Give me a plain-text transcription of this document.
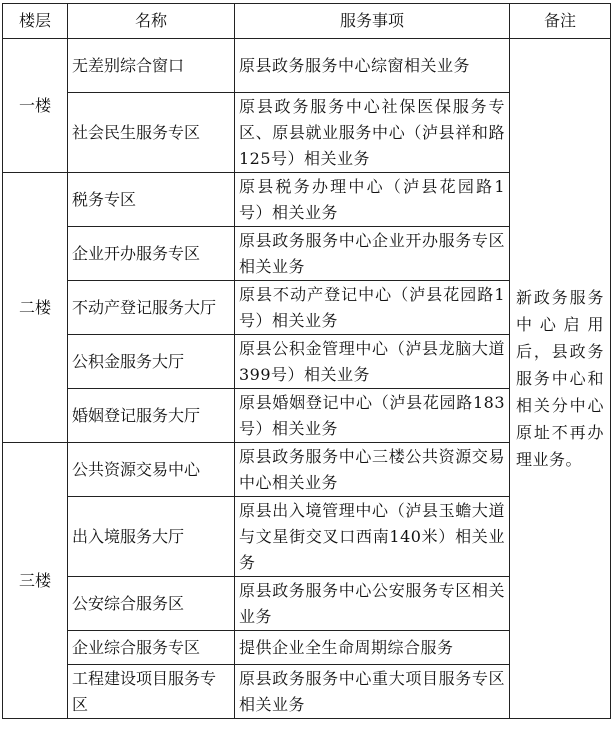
楼层	名称	服务事项	备注
一楼	无差别综合窗口	原县政务服务中心综窗相关业务	新政务服务中心启用后，县政务服务中心和相关分中心原址不再办理业务。
	社会民生服务专区	原县政务服务中心社保医保服务专区、原县就业服务中心（泸县祥和路125号）相关业务	
二楼	税务专区	原县税务办理中心（泸县花园路1号）相关业务	
	企业开办服务专区	原县政务服务中心企业开办服务专区相关业务	
	不动产登记服务大厅	原县不动产登记中心（泸县花园路1号）相关业务	
	公积金服务大厅	原县公积金管理中心（泸县龙脑大道399号）相关业务	
	婚姻登记服务大厅	原县婚姻登记中心（泸县花园路183号）相关业务	
三楼	公共资源交易中心	原县政务服务中心三楼公共资源交易中心相关业务	
	出入境服务大厅	原县出入境管理中心（泸县玉蟾大道与文星街交叉口西南140米）相关业务	
	公安综合服务区	原县政务服务中心公安服务专区相关业务	
	企业综合服务专区	提供企业全生命周期综合服务	
	工程建设项目服务专区	原县政务服务中心重大项目服务专区相关业务	
